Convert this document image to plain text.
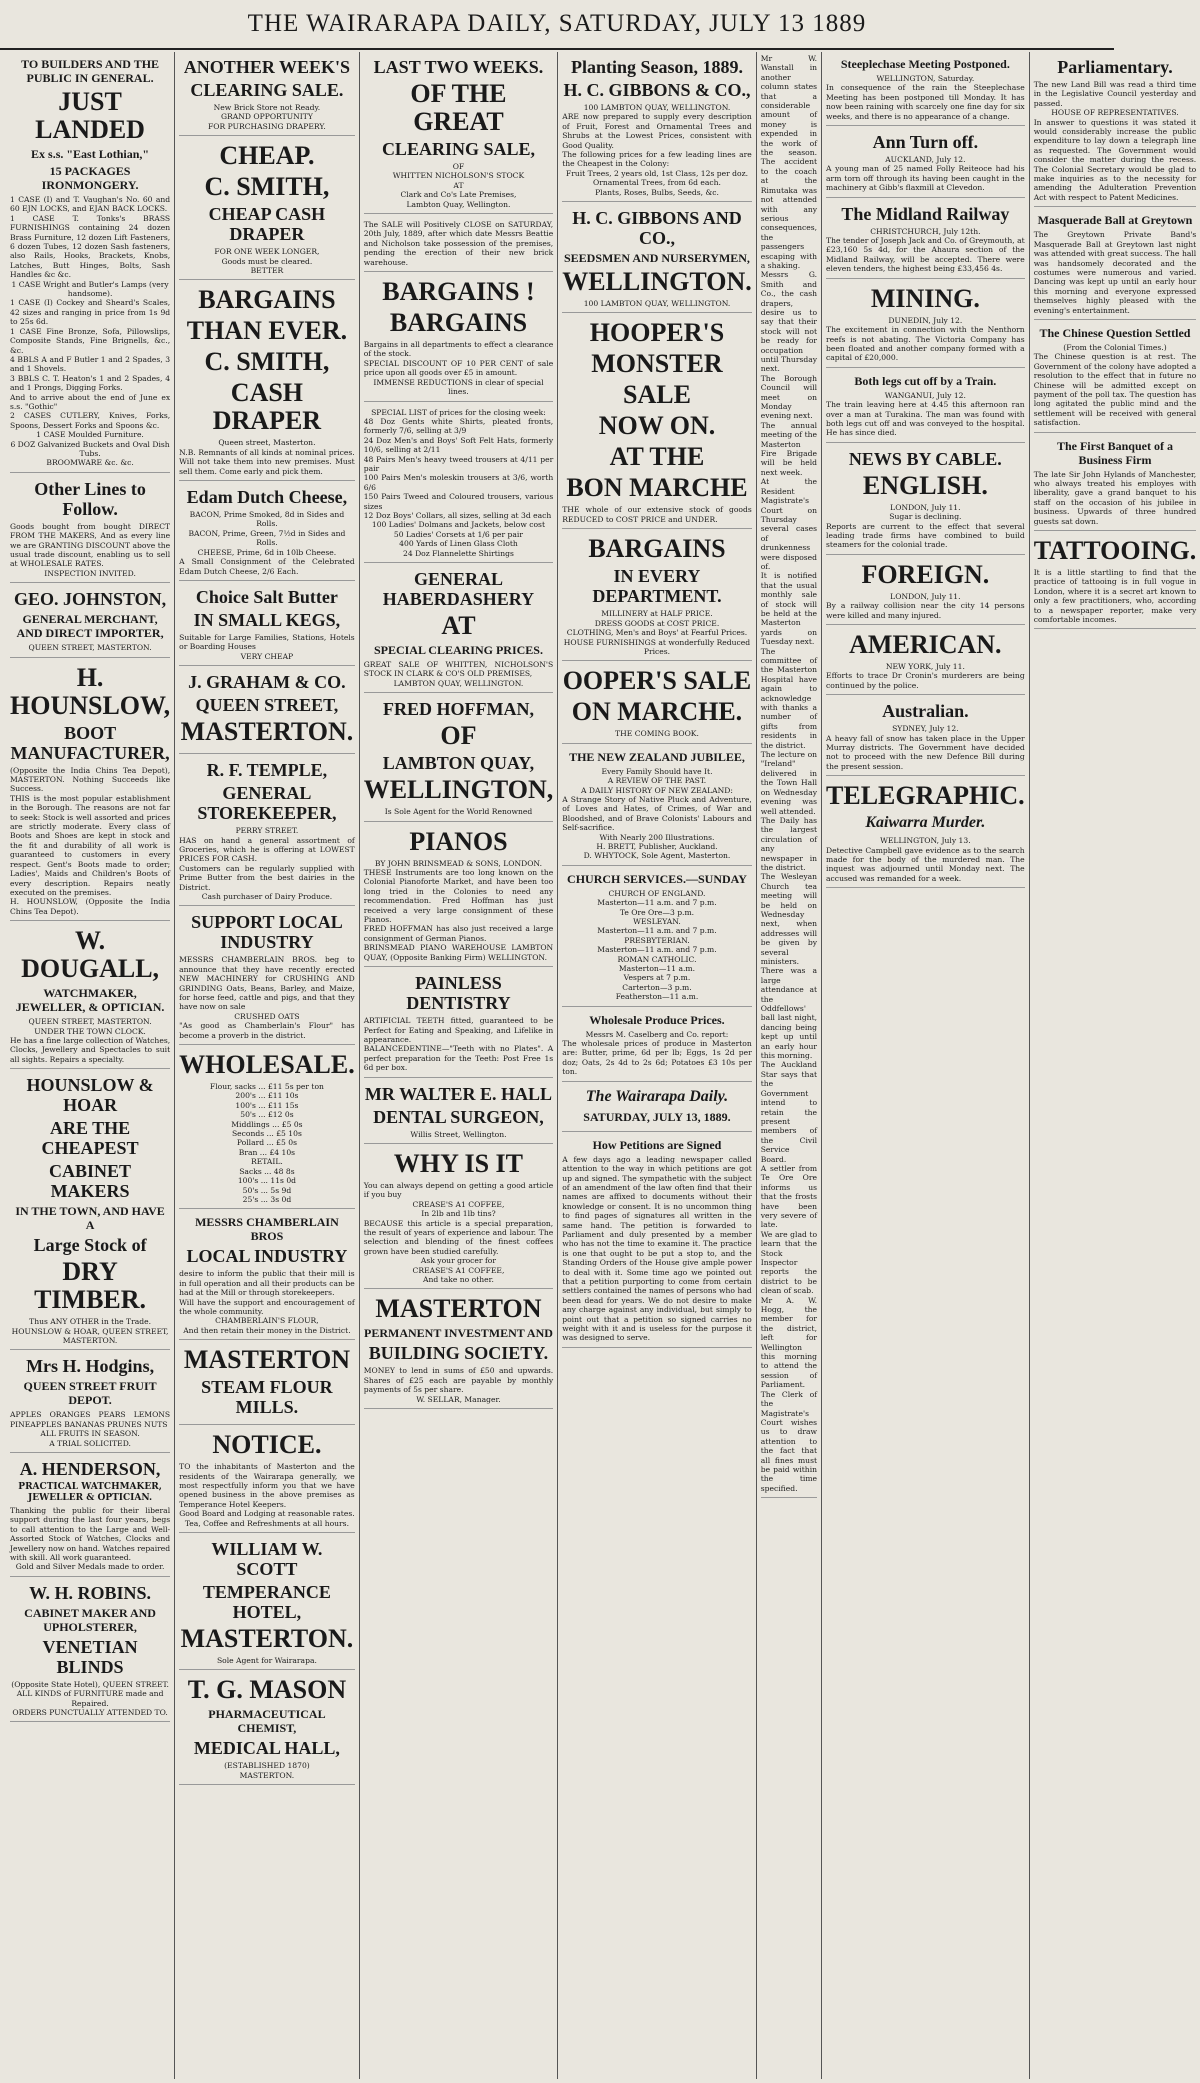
THE WAIRARAPA DAILY, SATURDAY, JULY 13 1889
TO BUILDERS AND THE PUBLIC IN GENERAL.
JUST LANDED
Ex s.s. "East Lothian,"
15 PACKAGES IRONMONGERY.
1 CASE (I) and T. Vaughan's No. 60 and 60 EJN LOCKS, and EJAN BACK LOCKS.
1 CASE T. Tonks's BRASS FURNISHINGS containing 24 dozen Brass Furniture, 12 dozen Lift Fasteners, 6 dozen Tubes, 12 dozen Sash fasteners, also Rails, Hooks, Brackets, Knobs, Latches, Butt Hinges, Bolts, Sash Handles &c &c.
1 CASE Wright and Butler's Lamps (very handsome).
1 CASE (I) Cockey and Sheard's Scales, 42 sizes and ranging in price from 1s 9d to 25s 6d.
1 CASE Fine Bronze, Sofa, Pillowslips, Composite Stands, Fine Brignells, &c., &c.
4 BBLS A and F Butler 1 and 2 Spades, 3 and 1 Shovels.
3 BBLS C. T. Heaton's 1 and 2 Spades, 4 and 1 Prongs, Digging Forks.
And to arrive about the end of June ex s.s. "Gothic"
2 CASES CUTLERY, Knives, Forks, Spoons, Dessert Forks and Spoons &c.
1 CASE Moulded Furniture.
6 DOZ Galvanized Buckets and Oval Dish Tubs.
BROOMWARE &c. &c.
Other Lines to Follow.
Goods bought from bought DIRECT FROM THE MAKERS, And as every line we are GRANTING DISCOUNT above the usual trade discount, enabling us to sell at WHOLESALE RATES.
INSPECTION INVITED.
GEO. JOHNSTON,
GENERAL MERCHANT, AND DIRECT IMPORTER,
QUEEN STREET, MASTERTON.
H. HOUNSLOW,
BOOT MANUFACTURER,
(Opposite the India Chins Tea Depot), MASTERTON. Nothing Succeeds like Success.
THIS is the most popular establishment in the Borough. The reasons are not far to seek: Stock is well assorted and prices are strictly moderate. Every class of Boots and Shoes are kept in stock and the fit and durability of all work is guaranteed to customers in every respect. Gent's Boots made to order; Ladies', Maids and Children's Boots of every description. Repairs neatly executed on the premises.
H. HOUNSLOW, (Opposite the India Chins Tea Depot).
W. DOUGALL,
WATCHMAKER, JEWELLER, & OPTICIAN.
QUEEN STREET, MASTERTON.
UNDER THE TOWN CLOCK.
He has a fine large collection of Watches, Clocks, Jewellery and Spectacles to suit all sights. Repairs a specialty.
HOUNSLOW & HOAR
ARE THE CHEAPEST
CABINET MAKERS
IN THE TOWN, AND HAVE A
Large Stock of
DRY TIMBER.
Thus ANY OTHER in the Trade.
HOUNSLOW & HOAR, QUEEN STREET, MASTERTON.
Mrs H. Hodgins,
QUEEN STREET FRUIT DEPOT.
APPLES ORANGES PEARS LEMONS PINEAPPLES BANANAS PRUNES NUTS
ALL FRUITS IN SEASON.
A TRIAL SOLICITED.
A. HENDERSON,
PRACTICAL WATCHMAKER, JEWELLER & OPTICIAN.
Thanking the public for their liberal support during the last four years, begs to call attention to the Large and Well-Assorted Stock of Watches, Clocks and Jewellery now on hand. Watches repaired with skill. All work guaranteed.
Gold and Silver Medals made to order.
W. H. ROBINS.
CABINET MAKER AND UPHOLSTERER,
VENETIAN BLINDS
(Opposite State Hotel), QUEEN STREET.
ALL KINDS of FURNITURE made and Repaired.
ORDERS PUNCTUALLY ATTENDED TO.
ANOTHER WEEK'S
CLEARING SALE.
New Brick Store not Ready.
GRAND OPPORTUNITY
FOR PURCHASING DRAPERY.
CHEAP.
C. SMITH,
CHEAP CASH DRAPER
FOR ONE WEEK LONGER,
Goods must be cleared.
BETTER
BARGAINS
THAN EVER.
C. SMITH,
CASH DRAPER
Queen street, Masterton.
N.B. Remnants of all kinds at nominal prices. Will not take them into new premises. Must sell them. Come early and pick them.
Edam Dutch Cheese,
BACON, Prime Smoked, 8d in Sides and Rolls.
BACON, Prime, Green, 7½d in Sides and Rolls.
CHEESE, Prime, 6d in 10lb Cheese.
A Small Consignment of the Celebrated Edam Dutch Cheese, 2/6 Each.
Choice Salt Butter
IN SMALL KEGS,
Suitable for Large Families, Stations, Hotels or Boarding Houses
VERY CHEAP
J. GRAHAM & CO.
QUEEN STREET,
MASTERTON.
R. F. TEMPLE,
GENERAL STOREKEEPER,
PERRY STREET.
HAS on hand a general assortment of Groceries, which he is offering at LOWEST PRICES FOR CASH.
Customers can be regularly supplied with Prime Butter from the best dairies in the District.
Cash purchaser of Dairy Produce.
SUPPORT LOCAL INDUSTRY
MESSRS CHAMBERLAIN BROS. beg to announce that they have recently erected NEW MACHINERY for CRUSHING AND GRINDING Oats, Beans, Barley, and Maize, for horse feed, cattle and pigs, and that they have now on sale
CRUSHED OATS
"As good as Chamberlain's Flour" has become a proverb in the district.
WHOLESALE.
Flour, sacks ... £11 5s per ton
200's ... £11 10s
100's ... £11 15s
50's ... £12 0s
Middlings ... £5 0s
Seconds ... £5 10s
Pollard ... £5 0s
Bran ... £4 10s
RETAIL.
Sacks ... 48 8s
100's ... 11s 0d
50's ... 5s 9d
25's ... 3s 0d
MESSRS CHAMBERLAIN BROS
LOCAL INDUSTRY
desire to inform the public that their mill is in full operation and all their products can be had at the Mill or through storekeepers.
Will have the support and encouragement of the whole community.
CHAMBERLAIN'S FLOUR,
And then retain their money in the District.
MASTERTON
STEAM FLOUR MILLS.
NOTICE.
TO the inhabitants of Masterton and the residents of the Wairarapa generally, we most respectfully inform you that we have opened business in the above premises as Temperance Hotel Keepers.
Good Board and Lodging at reasonable rates.
Tea, Coffee and Refreshments at all hours.
WILLIAM W. SCOTT
TEMPERANCE HOTEL,
MASTERTON.
Sole Agent for Wairarapa.
T. G. MASON
PHARMACEUTICAL CHEMIST,
MEDICAL HALL,
(ESTABLISHED 1870)
MASTERTON.
LAST TWO WEEKS.
OF THE GREAT
CLEARING SALE,
OF
WHITTEN NICHOLSON'S STOCK
AT
Clark and Co's Late Premises,
Lambton Quay, Wellington.
The SALE will Positively CLOSE on SATURDAY, 20th July, 1889, after which date Messrs Beattie and Nicholson take possession of the premises, pending the erection of their new brick warehouse.
BARGAINS !
BARGAINS
Bargains in all departments to effect a clearance of the stock.
SPECIAL DISCOUNT OF 10 PER CENT of sale price upon all goods over £5 in amount.
IMMENSE REDUCTIONS in clear of special lines.
SPECIAL LIST of prices for the closing week:
48 Doz Gents white Shirts, pleated fronts, formerly 7/6, selling at 3/9
24 Doz Men's and Boys' Soft Felt Hats, formerly 10/6, selling at 2/11
48 Pairs Men's heavy tweed trousers at 4/11 per pair
100 Pairs Men's moleskin trousers at 3/6, worth 6/6
150 Pairs Tweed and Coloured trousers, various sizes
12 Doz Boys' Collars, all sizes, selling at 3d each
100 Ladies' Dolmans and Jackets, below cost
50 Ladies' Corsets at 1/6 per pair
400 Yards of Linen Glass Cloth
24 Doz Flannelette Shirtings
GENERAL HABERDASHERY
AT
SPECIAL CLEARING PRICES.
GREAT SALE OF WHITTEN, NICHOLSON'S STOCK IN CLARK & CO'S OLD PREMISES,
LAMBTON QUAY, WELLINGTON.
FRED HOFFMAN,
OF
LAMBTON QUAY,
WELLINGTON,
Is Sole Agent for the World Renowned
PIANOS
BY JOHN BRINSMEAD & SONS, LONDON.
THESE Instruments are too long known on the Colonial Pianoforte Market, and have been too long tried in the Colonies to need any recommendation. Fred Hoffman has just received a very large consignment of these Pianos.
FRED HOFFMAN has also just received a large consignment of German Pianos.
BRINSMEAD PIANO WAREHOUSE LAMBTON QUAY, (Opposite Banking Firm) WELLINGTON.
PAINLESS DENTISTRY
ARTIFICIAL TEETH fitted, guaranteed to be Perfect for Eating and Speaking, and Lifelike in appearance.
BALANCEDENTINE—"Teeth with no Plates". A perfect preparation for the Teeth: Post Free 1s 6d per box.
MR WALTER E. HALL
DENTAL SURGEON,
Willis Street, Wellington.
WHY IS IT
You can always depend on getting a good article if you buy
CREASE'S A1 COFFEE,
In 2lb and 1lb tins?
BECAUSE this article is a special preparation, the result of years of experience and labour. The selection and blending of the finest coffees grown have been studied carefully.
Ask your grocer for
CREASE'S A1 COFFEE,
And take no other.
MASTERTON
PERMANENT INVESTMENT AND
BUILDING SOCIETY.
MONEY to lend in sums of £50 and upwards. Shares of £25 each are payable by monthly payments of 5s per share.
W. SELLAR, Manager.
Planting Season, 1889.
H. C. GIBBONS & CO.,
100 LAMBTON QUAY, WELLINGTON.
ARE now prepared to supply every description of Fruit, Forest and Ornamental Trees and Shrubs at the Lowest Prices, consistent with Good Quality.
The following prices for a few leading lines are the Cheapest in the Colony:
Fruit Trees, 2 years old, 1st Class, 12s per doz.
Ornamental Trees, from 6d each.
Plants, Roses, Bulbs, Seeds, &c.
H. C. GIBBONS AND CO.,
SEEDSMEN AND NURSERYMEN,
WELLINGTON.
100 LAMBTON QUAY, WELLINGTON.
HOOPER'S
MONSTER
SALE
NOW ON.
AT THE
BON MARCHE
THE whole of our extensive stock of goods REDUCED to COST PRICE and UNDER.
BARGAINS
IN EVERY DEPARTMENT.
MILLINERY at HALF PRICE.
DRESS GOODS at COST PRICE.
CLOTHING, Men's and Boys' at Fearful Prices.
HOUSE FURNISHINGS at wonderfully Reduced Prices.
OOPER'S SALE
ON MARCHE.
THE COMING BOOK.
THE NEW ZEALAND JUBILEE,
Every Family Should have It.
A REVIEW OF THE PAST.
A DAILY HISTORY OF NEW ZEALAND:
A Strange Story of Native Pluck and Adventure, of Loves and Hates, of Crimes, of War and Bloodshed, and of Brave Colonists' Labours and Self-sacrifice.
With Nearly 200 Illustrations.
H. BRETT, Publisher, Auckland.
D. WHYTOCK, Sole Agent, Masterton.
CHURCH SERVICES.—SUNDAY
CHURCH OF ENGLAND.
Masterton—11 a.m. and 7 p.m.
Te Ore Ore—3 p.m.
WESLEYAN.
Masterton—11 a.m. and 7 p.m.
PRESBYTERIAN.
Masterton—11 a.m. and 7 p.m.
ROMAN CATHOLIC.
Masterton—11 a.m.
Vespers at 7 p.m.
Carterton—3 p.m.
Featherston—11 a.m.
Wholesale Produce Prices.
Messrs M. Caselberg and Co. report:
The wholesale prices of produce in Masterton are: Butter, prime, 6d per lb; Eggs, 1s 2d per doz; Oats, 2s 4d to 2s 6d; Potatoes £3 10s per ton.
The Wairarapa Daily.
SATURDAY, JULY 13, 1889.
How Petitions are Signed
A few days ago a leading newspaper called attention to the way in which petitions are got up and signed. The sympathetic with the subject of an amendment of the law often find that their names are affixed to documents without their knowledge or consent. It is no uncommon thing to find pages of signatures all written in the same hand. The petition is forwarded to Parliament and duly presented by a member who has not the time to examine it. The practice is one that ought to be put a stop to, and the Standing Orders of the House give ample power to deal with it. Some time ago we pointed out that a petition purporting to come from certain settlers contained the names of persons who had been dead for years. We do not desire to make any charge against any individual, but simply to point out that a petition so signed carries no weight with it and is useless for the purpose it was designed to serve.
Mr W. Wanstall in another column states that a considerable amount of money is expended in the work of the season. The accident to the coach at the Rimutaka was not attended with any serious consequences, the passengers escaping with a shaking.
Messrs G. Smith and Co., the cash drapers, desire us to say that their stock will not be ready for occupation until Thursday next.
The Borough Council will meet on Monday evening next.
The annual meeting of the Masterton Fire Brigade will be held next week.
At the Resident Magistrate's Court on Thursday several cases of drunkenness were disposed of.
It is notified that the usual monthly sale of stock will be held at the Masterton yards on Tuesday next.
The committee of the Masterton Hospital have again to acknowledge with thanks a number of gifts from residents in the district.
The lecture on "Ireland" delivered in the Town Hall on Wednesday evening was well attended.
The Daily has the largest circulation of any newspaper in the district.
The Wesleyan Church tea meeting will be held on Wednesday next, when addresses will be given by several ministers.
There was a large attendance at the Oddfellows' ball last night, dancing being kept up until an early hour this morning.
The Auckland Star says that the Government intend to retain the present members of the Civil Service Board.
A settler from Te Ore Ore informs us that the frosts have been very severe of late.
We are glad to learn that the Stock Inspector reports the district to be clean of scab.
Mr A. W. Hogg, the member for the district, left for Wellington this morning to attend the session of Parliament.
The Clerk of the Magistrate's Court wishes us to draw attention to the fact that all fines must be paid within the time specified.
Steeplechase Meeting Postponed.
WELLINGTON, Saturday.
In consequence of the rain the Steeplechase Meeting has been postponed till Monday. It has now been raining with scarcely one fine day for six weeks, and there is no appearance of a change.
Ann Turn off.
AUCKLAND, July 12.
A young man of 25 named Folly Reiteoce had his arm torn off through its having been caught in the machinery at Gibb's flaxmill at Clevedon.
The Midland Railway
CHRISTCHURCH, July 12th.
The tender of Joseph Jack and Co. of Greymouth, at £23,160 5s 4d, for the Ahaura section of the Midland Railway, will be accepted. There were eleven tenders, the highest being £33,456 4s.
MINING.
DUNEDIN, July 12.
The excitement in connection with the Nenthorn reefs is not abating. The Victoria Company has been floated and another company formed with a capital of £20,000.
Both legs cut off by a Train.
WANGANUI, July 12.
The train leaving here at 4.45 this afternoon ran over a man at Turakina. The man was found with both legs cut off and was conveyed to the hospital. He has since died.
NEWS BY CABLE.
ENGLISH.
LONDON, July 11.
Sugar is declining.
Reports are current to the effect that several leading trade firms have combined to build steamers for the colonial trade.
FOREIGN.
LONDON, July 11.
By a railway collision near the city 14 persons were killed and many injured.
AMERICAN.
NEW YORK, July 11.
Efforts to trace Dr Cronin's murderers are being continued by the police.
Australian.
SYDNEY, July 12.
A heavy fall of snow has taken place in the Upper Murray districts. The Government have decided not to proceed with the new Defence Bill during the present session.
TELEGRAPHIC.
Kaiwarra Murder.
WELLINGTON, July 13.
Detective Campbell gave evidence as to the search made for the body of the murdered man. The inquest was adjourned until Monday next. The accused was remanded for a week.
Parliamentary.
The new Land Bill was read a third time in the Legislative Council yesterday and passed.
HOUSE OF REPRESENTATIVES.
In answer to questions it was stated it would considerably increase the public expenditure to lay down a telegraph line as requested. The Government would consider the matter during the recess. The Colonial Secretary would be glad to make inquiries as to the necessity for amending the Adulteration Prevention Act with respect to Patent Medicines.
Masquerade Ball at Greytown
The Greytown Private Band's Masquerade Ball at Greytown last night was attended with great success. The hall was handsomely decorated and the costumes were numerous and varied. Dancing was kept up until an early hour this morning and everyone expressed themselves highly pleased with the evening's entertainment.
The Chinese Question Settled
(From the Colonial Times.)
The Chinese question is at rest. The Government of the colony have adopted a resolution to the effect that in future no Chinese will be admitted except on payment of the poll tax. The question has long agitated the public mind and the settlement will be received with general satisfaction.
The First Banquet of a Business Firm
The late Sir John Hylands of Manchester, who always treated his employes with liberality, gave a grand banquet to his staff on the occasion of his jubilee in business. Upwards of three hundred guests sat down.
TATTOOING.
It is a little startling to find that the practice of tattooing is in full vogue in London, where it is a secret art known to only a few practitioners, who, according to a newspaper reporter, make very comfortable incomes.
